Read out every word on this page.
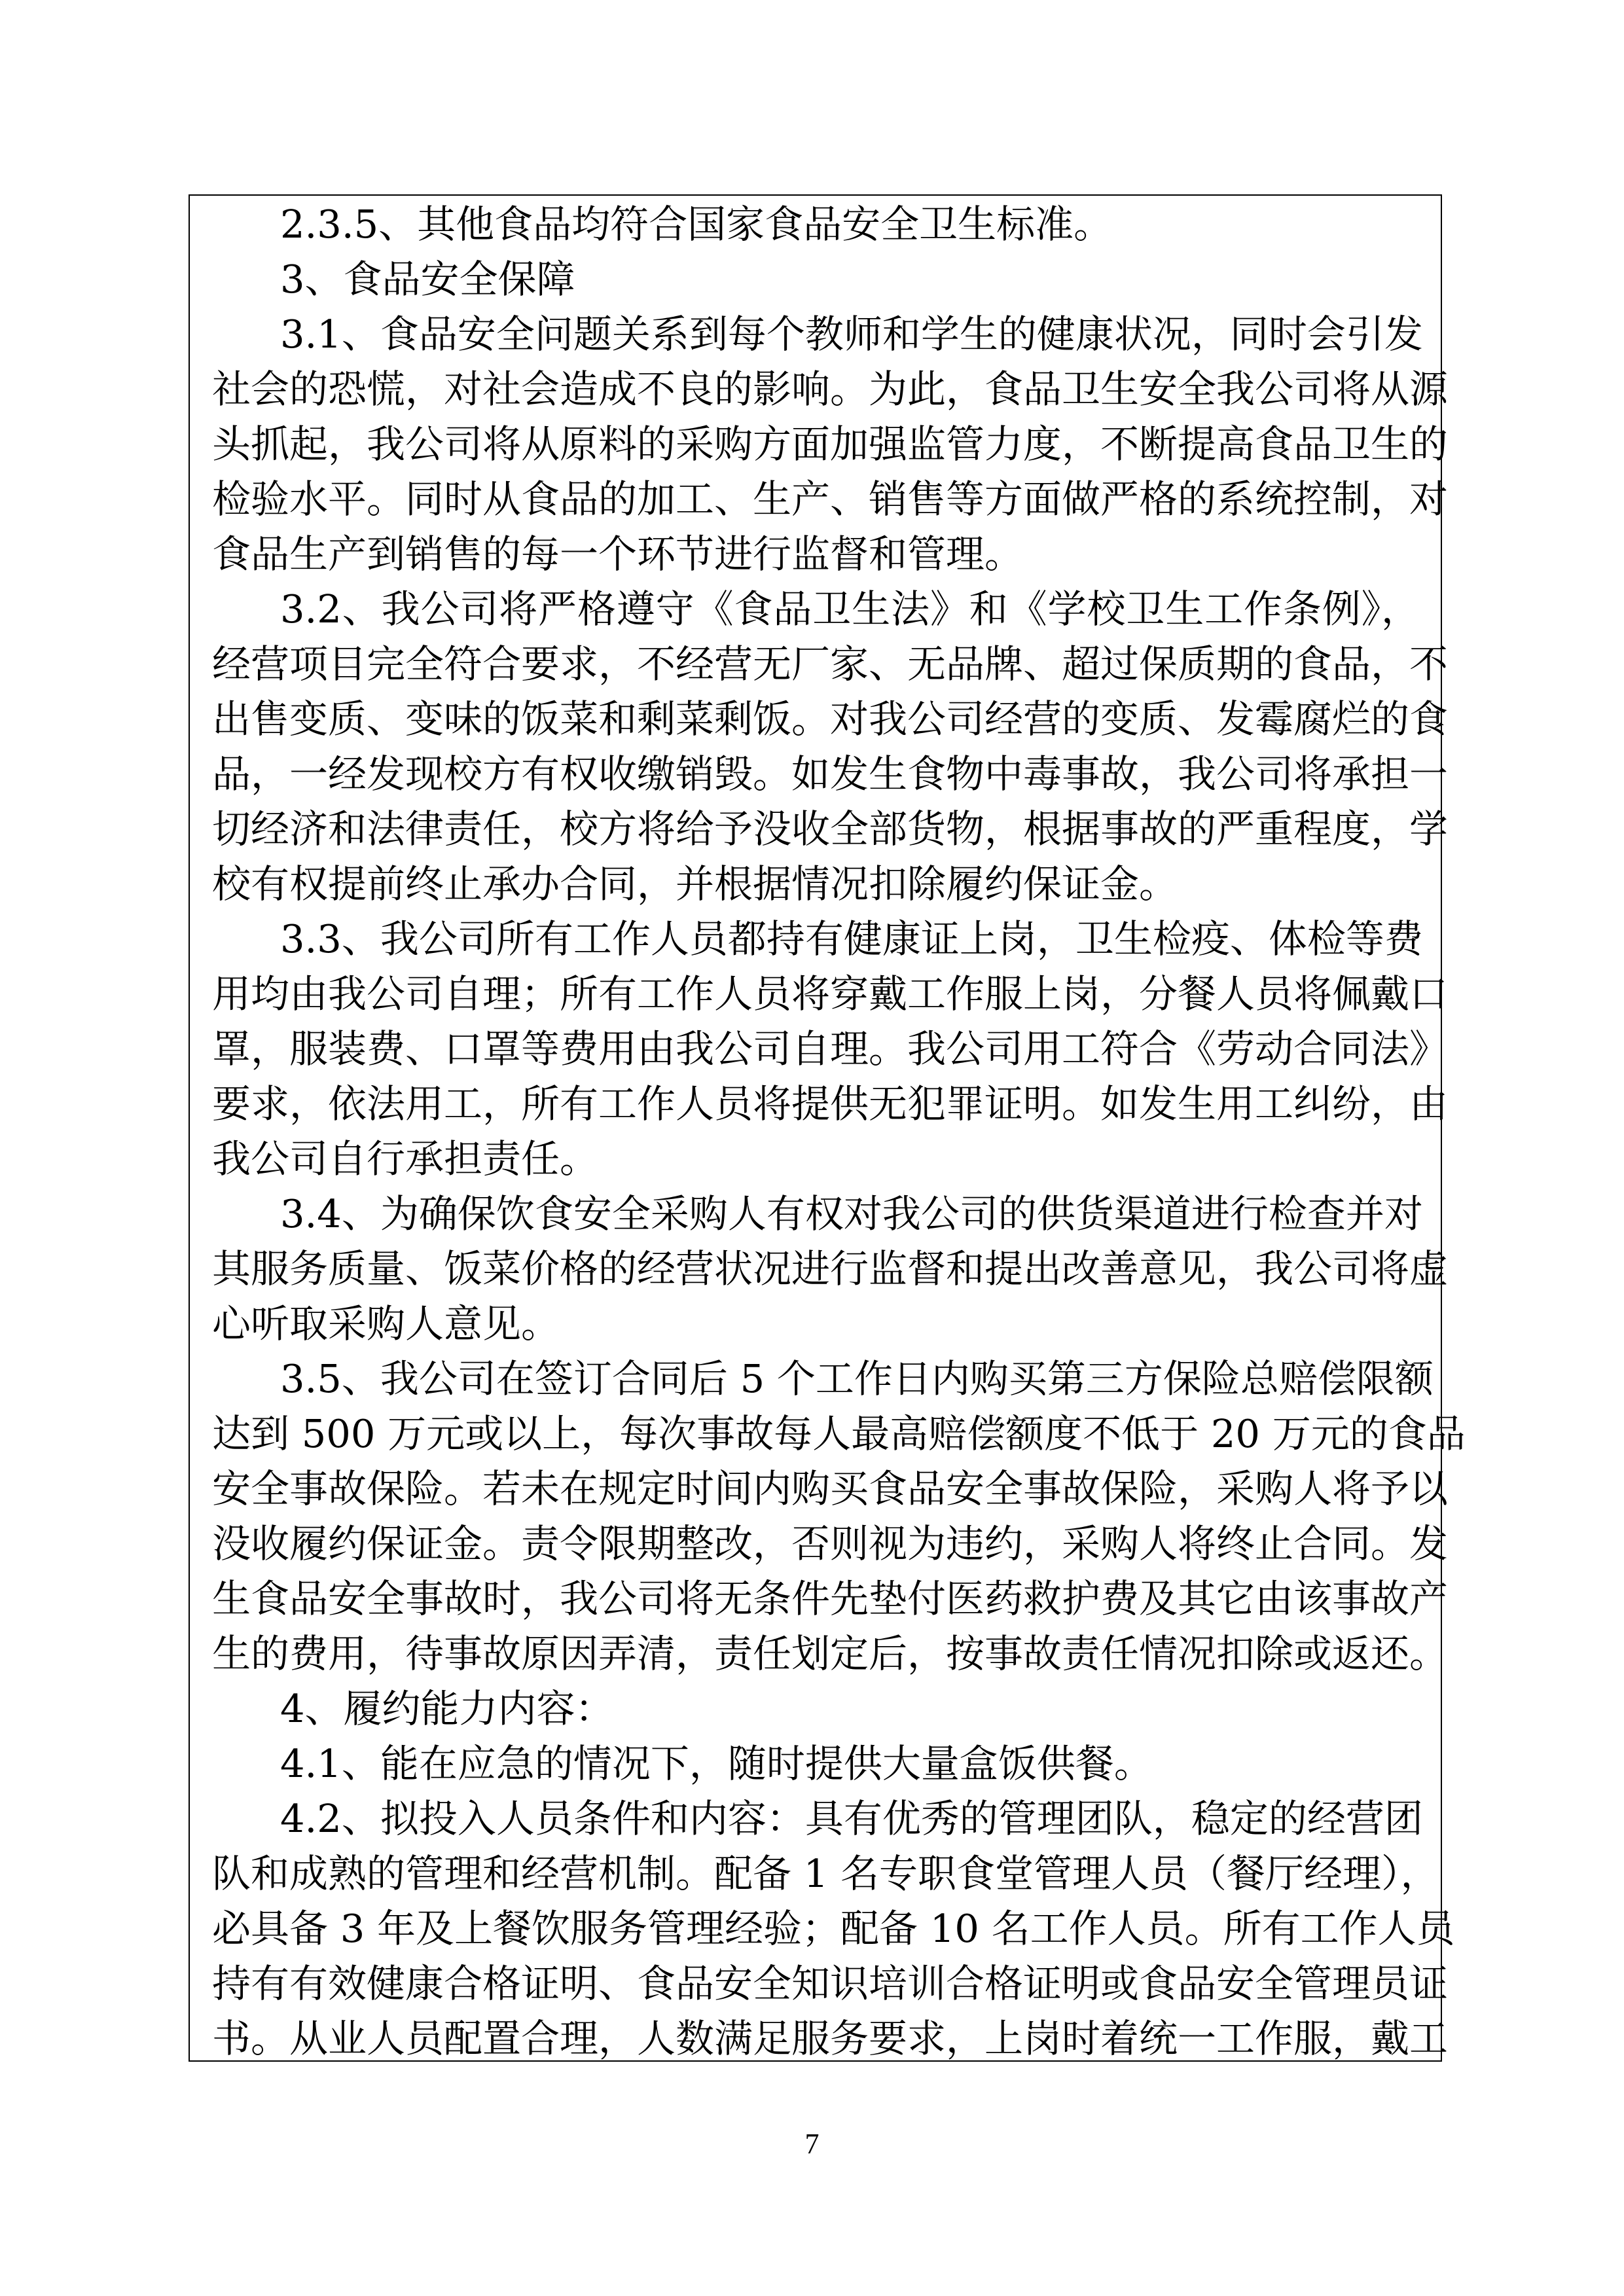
2.3.5、其他食品均符合国家食品安全卫生标准。
3、食品安全保障
3.1、食品安全问题关系到每个教师和学生的健康状况，同时会引发
社会的恐慌，对社会造成不良的影响。为此，食品卫生安全我公司将从源
头抓起，我公司将从原料的采购方面加强监管力度，不断提高食品卫生的
检验水平。同时从食品的加工、生产、销售等方面做严格的系统控制，对
食品生产到销售的每一个环节进行监督和管理。
3.2、我公司将严格遵守《食品卫生法》和《学校卫生工作条例》，
经营项目完全符合要求，不经营无厂家、无品牌、超过保质期的食品，不
出售变质、变味的饭菜和剩菜剩饭。对我公司经营的变质、发霉腐烂的食
品，一经发现校方有权收缴销毁。如发生食物中毒事故，我公司将承担一
切经济和法律责任，校方将给予没收全部货物，根据事故的严重程度，学
校有权提前终止承办合同，并根据情况扣除履约保证金。
3.3、我公司所有工作人员都持有健康证上岗，卫生检疫、体检等费
用均由我公司自理；所有工作人员将穿戴工作服上岗，分餐人员将佩戴口
罩，服装费、口罩等费用由我公司自理。我公司用工符合《劳动合同法》
要求，依法用工，所有工作人员将提供无犯罪证明。如发生用工纠纷，由
我公司自行承担责任。
3.4、为确保饮食安全采购人有权对我公司的供货渠道进行检查并对
其服务质量、饭菜价格的经营状况进行监督和提出改善意见，我公司将虚
心听取采购人意见。
3.5、我公司在签订合同后 5 个工作日内购买第三方保险总赔偿限额
达到 500 万元或以上，每次事故每人最高赔偿额度不低于 20 万元的食品
安全事故保险。若未在规定时间内购买食品安全事故保险，采购人将予以
没收履约保证金。责令限期整改，否则视为违约，采购人将终止合同。发
生食品安全事故时，我公司将无条件先垫付医药救护费及其它由该事故产
生的费用，待事故原因弄清，责任划定后，按事故责任情况扣除或返还。
4、履约能力内容：
4.1、能在应急的情况下，随时提供大量盒饭供餐。
4.2、拟投入人员条件和内容：具有优秀的管理团队，稳定的经营团
队和成熟的管理和经营机制。配备 1 名专职食堂管理人员（餐厅经理），
必具备 3 年及上餐饮服务管理经验；配备 10 名工作人员。所有工作人员
持有有效健康合格证明、食品安全知识培训合格证明或食品安全管理员证
书。从业人员配置合理，人数满足服务要求，上岗时着统一工作服，戴工
7
